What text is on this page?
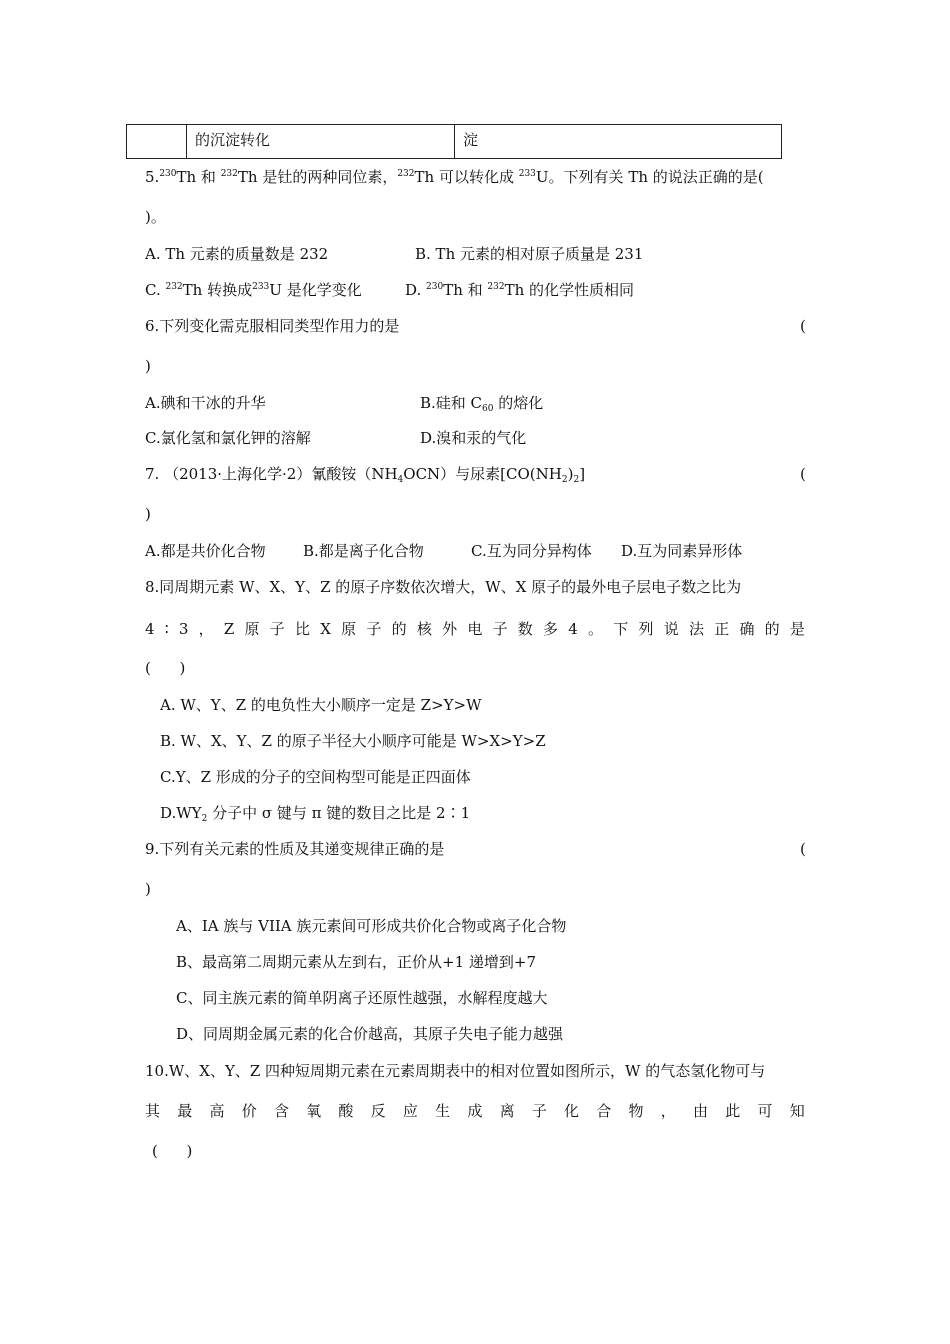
	的沉淀转化	淀
5.$^{230}$Th 和 $^{232}$Th 是钍的两种同位素，$^{232}$Th 可以转化成 $^{233}$U。下列有关 Th 的说法正确的是(
)。
A. Th 元素的质量数是 232	B. Th 元素的相对原子质量是 231
C. $^{232}$Th 转换成$^{233}$U 是化学变化	D. $^{230}$Th 和 $^{232}$Th 的化学性质相同
6.下列变化需克服相同类型作用力的是	(
)
A.碘和干冰的升华	B.硅和 $C_{60}$ 的熔化
C.氯化氢和氯化钾的溶解	D.溴和汞的气化
7. （2013·上海化学·2）氰酸铵$(NH_4OCN)$与尿素$[CO(NH_2)_2]$	(
)
A.都是共价化合物 B.都是离子化合物	C.互为同分异构体 D.互为同素异形体
8.同周期元素 W、X、Y、Z 的原子序数依次增大，W、X 原子的最外电子层电子数之比为
4 ∶ 3 ， Z 原 子 比 X 原 子 的 核 外 电 子 数 多 4 。 下 列 说 法 正 确 的 是
(      )
A. W、Y、Z 的电负性大小顺序一定是 Z>Y>W
B. W、X、Y、Z 的原子半径大小顺序可能是 W>X>Y>Z
C.Y、Z 形成的分子的空间构型可能是正四面体
$D.WY_2$ 分子中 σ 键与 π 键的数目之比是 2∶1
9.下列有关元素的性质及其递变规律正确的是	(
)
A、IA 族与 VIIA 族元素间可形成共价化合物或离子化合物
B、最高第二周期元素从左到右，正价从+1 递增到+7
C、同主族元素的简单阴离子还原性越强，水解程度越大
D、同周期金属元素的化合价越高，其原子失电子能力越强
10.W、X、Y、Z 四种短周期元素在元素周期表中的相对位置如图所示，W 的气态氢化物可与
其 最 高 价 含 氧 酸 反 应 生 成 离 子 化 合 物 ， 由 此 可 知
(      )
